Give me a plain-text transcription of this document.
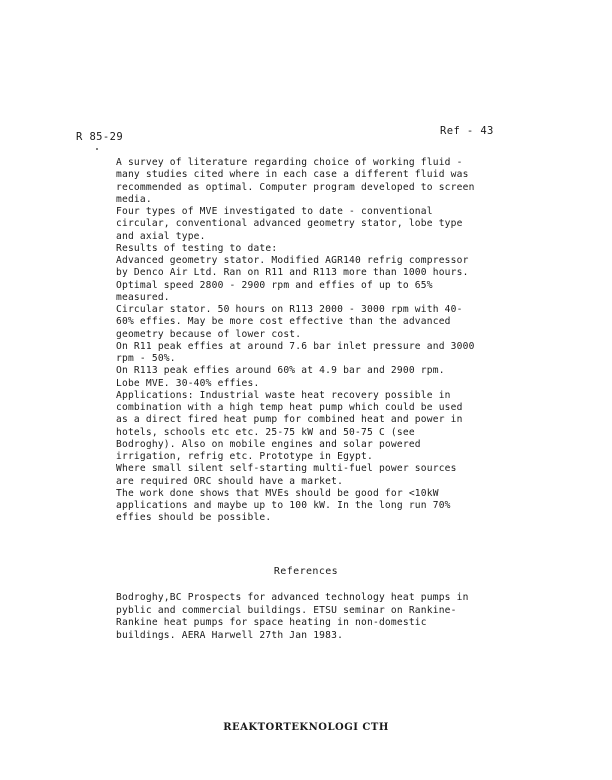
R 85-29	Ref - 43
A survey of literature regarding choice of working fluid -
many studies cited where in each case a different fluid was
recommended as optimal. Computer program developed to screen
media.
Four types of MVE investigated to date - conventional
circular, conventional advanced geometry stator, lobe type
and axial type.
Results of testing to date:
Advanced geometry stator. Modified AGR140 refrig compressor
by Denco Air Ltd. Ran on R11 and R113 more than 1000 hours.
Optimal speed 2800 - 2900 rpm and effies of up to 65%
measured.
Circular stator. 50 hours on R113 2000 - 3000 rpm with 40-
60% effies. May be more cost effective than the advanced
geometry because of lower cost.
On R11 peak effies at around 7.6 bar inlet pressure and 3000
rpm - 50%.
On R113 peak effies around 60% at 4.9 bar and 2900 rpm.
Lobe MVE. 30-40% effies.
Applications: Industrial waste heat recovery possible in
combination with a high temp heat pump which could be used
as a direct fired heat pump for combined heat and power in
hotels, schools etc etc. 25-75 kW and 50-75 C (see
Bodroghy). Also on mobile engines and solar powered
irrigation, refrig etc. Prototype in Egypt.
Where small silent self-starting multi-fuel power sources
are required ORC should have a market.
The work done shows that MVEs should be good for <10kW
applications and maybe up to 100 kW. In the long run 70%
effies should be possible.
References
Bodroghy,BC Prospects for advanced technology heat pumps in
pyblic and commercial buildings. ETSU seminar on Rankine-
Rankine heat pumps for space heating in non-domestic
buildings. AERA Harwell 27th Jan 1983.
REAKTORTEKNOLOGI CTH
